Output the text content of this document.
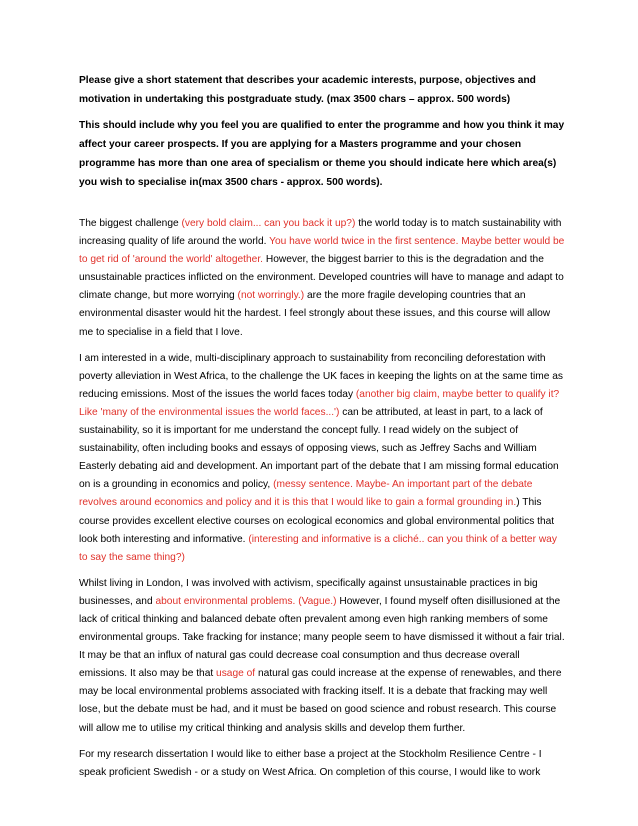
Please give a short statement that describes your academic interests, purpose, objectives and motivation in undertaking this postgraduate study. (max 3500 chars – approx. 500 words)

This should include why you feel you are qualified to enter the programme and how you think it may affect your career prospects. If you are applying for a Masters programme and your chosen programme has more than one area of specialism or theme you should indicate here which area(s) you wish to specialise in(max 3500 chars - approx. 500 words).

The biggest challenge (very bold claim... can you back it up?) the world today is to match sustainability with increasing quality of life around the world. You have world twice in the first sentence. Maybe better would be to get rid of 'around the world' altogether. However, the biggest barrier to this is the degradation and the unsustainable practices inflicted on the environment. Developed countries will have to manage and adapt to climate change, but more worrying (not worringly.) are the more fragile developing countries that an environmental disaster would hit the hardest. I feel strongly about these issues, and this course will allow me to specialise in a field that I love.

I am interested in a wide, multi-disciplinary approach to sustainability from reconciling deforestation with poverty alleviation in West Africa, to the challenge the UK faces in keeping the lights on at the same time as reducing emissions. Most of the issues the world faces today (another big claim, maybe better to qualify it? Like 'many of the environmental issues the world faces...') can be attributed, at least in part, to a lack of sustainability, so it is important for me understand the concept fully. I read widely on the subject of sustainability, often including books and essays of opposing views, such as Jeffrey Sachs and William Easterly debating aid and development. An important part of the debate that I am missing formal education on is a grounding in economics and policy, (messy sentence. Maybe- An important part of the debate revolves around economics and policy and it is this that I would like to gain a formal grounding in.) This course provides excellent elective courses on ecological economics and global environmental politics that look both interesting and informative. (interesting and informative is a cliché.. can you think of a better way to say the same thing?)

Whilst living in London, I was involved with activism, specifically against unsustainable practices in big businesses, and about environmental problems. (Vague.) However, I found myself often disillusioned at the lack of critical thinking and balanced debate often prevalent among even high ranking members of some environmental groups. Take fracking for instance; many people seem to have dismissed it without a fair trial. It may be that an influx of natural gas could decrease coal consumption and thus decrease overall emissions. It also may be that usage of natural gas could increase at the expense of renewables, and there may be local environmental problems associated with fracking itself. It is a debate that fracking may well lose, but the debate must be had, and it must be based on good science and robust research. This course will allow me to utilise my critical thinking and analysis skills and develop them further.

For my research dissertation I would like to either base a project at the Stockholm Resilience Centre - I speak proficient Swedish - or a study on West Africa. On completion of this course, I would like to work
